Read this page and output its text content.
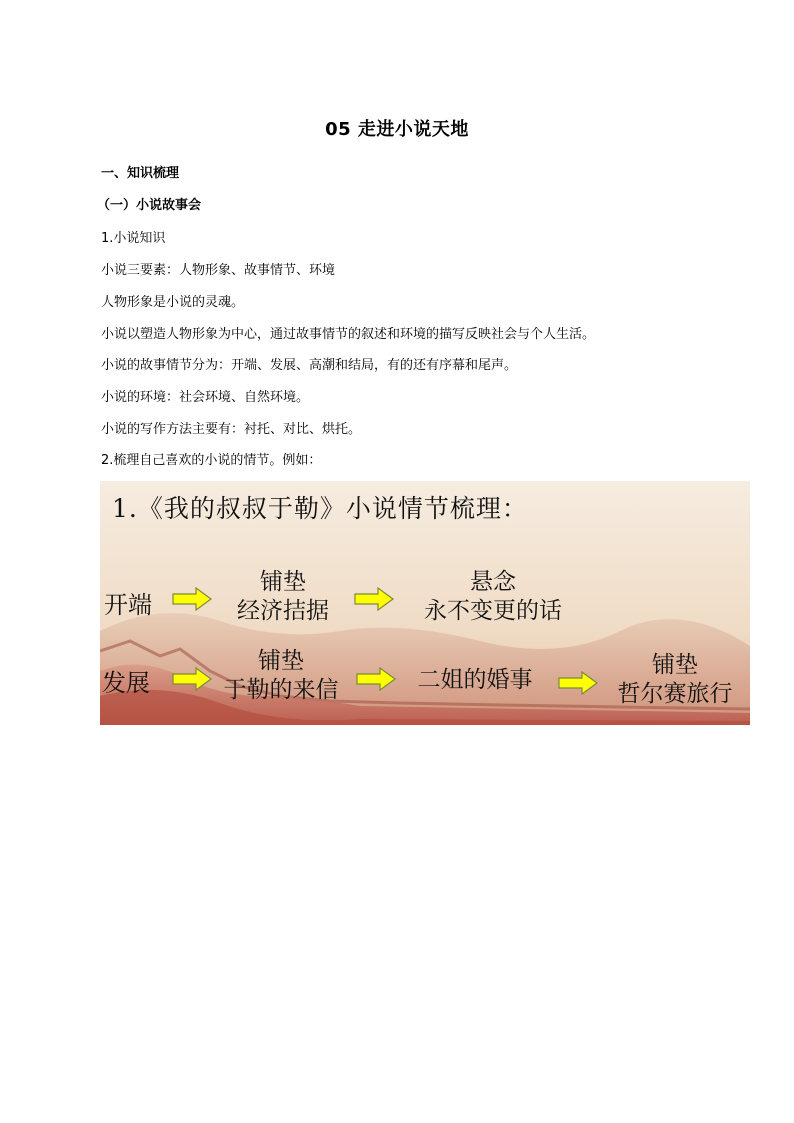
05 走进小说天地
一、知识梳理
（一）小说故事会
1.小说知识
小说三要素：人物形象、故事情节、环境
人物形象是小说的灵魂。
小说以塑造人物形象为中心，通过故事情节的叙述和环境的描写反映社会与个人生活。
小说的故事情节分为：开端、发展、高潮和结局，有的还有序幕和尾声。
小说的环境：社会环境、自然环境。
小说的写作方法主要有：衬托、对比、烘托。
2.梳理自己喜欢的小说的情节。例如：
1.《我的叔叔于勒》小说情节梳理：
开端
铺垫
经济拮据
悬念
永不变更的话
发展
铺垫
于勒的来信	二姐的婚事
铺垫
哲尔赛旅行
